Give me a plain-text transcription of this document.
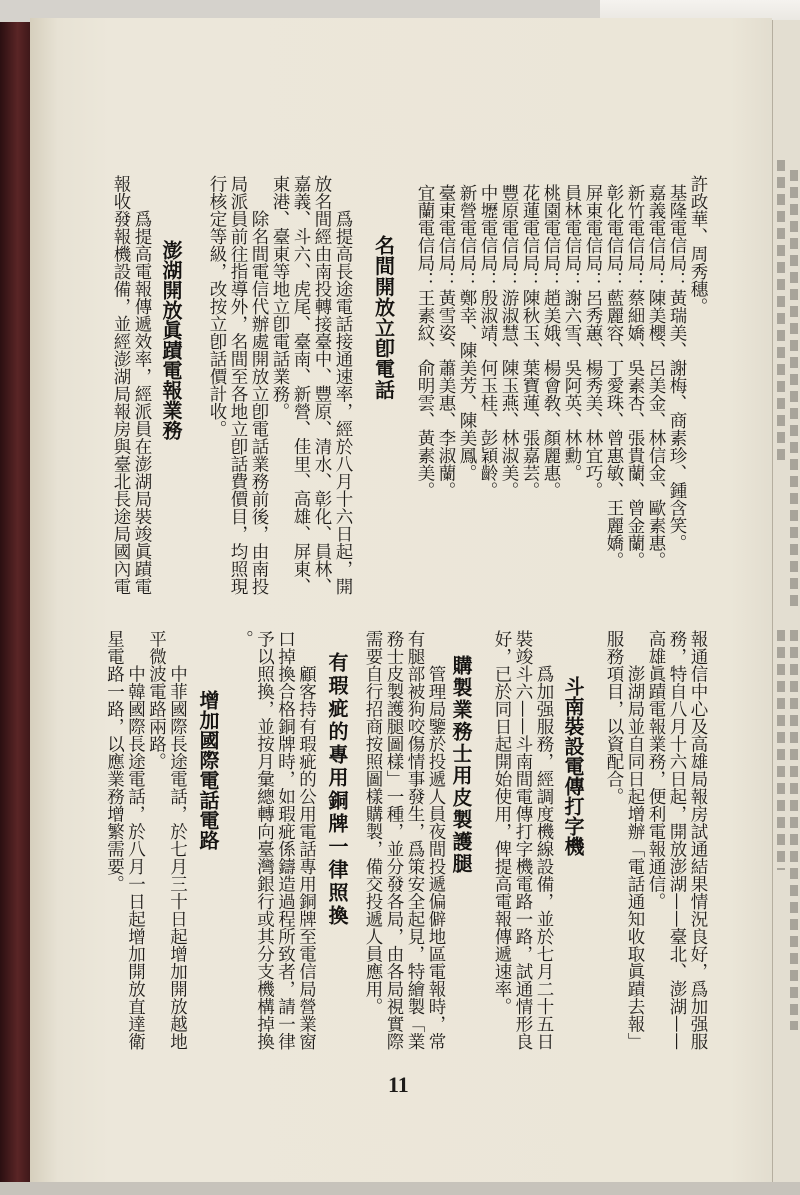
許政華、周秀穗。
基隆電信局：黃瑞美、謝梅、商素珍、鍾含笑。
嘉義電信局：陳美櫻、呂美金、林信金、歐素惠。
新竹電信局：蔡細嬌、吳素杏、張貴蘭、曾金蘭。
彰化電信局：藍麗容、丁愛珠、曾惠敏、王麗嬌。
屏東電信局：呂秀蕙、楊秀美、林宜巧。
員林電信局：謝六雪、吳阿英、林勳。
桃園電信局：趙美娥、楊會敎、顏麗惠。
花蓮電信局：陳秋玉、葉寶蓮、張嘉芸。
豐原電信局：游淑慧、陳玉燕、林淑美。
中壢電信局：殷淑靖、何玉桂、彭穎齡。
新營電信局：鄭幸、陳美芳、陳美鳳。
臺東電信局：黃雪姿、蕭美惠、李淑蘭。
宜蘭電信局：王素紋、俞明雲、黃素美。
名間開放立卽電話
爲提高長途電話接通速率，經於八月十六日起，開
放名間經由南投轉接臺中、豐原、清水、彰化、員林、
嘉義、斗六、虎尾、臺南、新營、佳里、高雄、屏東、
東港、臺東等地立卽電話業務。
除名間電信代辦處開放立卽電話業務前後，由南投
局派員前往指導外，名間至各地立卽話費價目，均照現
行核定等級，改按立卽話價計收。
澎湖開放眞蹟電報業務
爲提高電報傳遞效率，經派員在澎湖局裝竣眞蹟電
報收發報機設備，並經澎湖局報房與臺北長途局國內電
報通信中心及高雄局報房試通結果情況良好，爲加强服
務，特自八月十六日起，開放澎湖——臺北、澎湖——
高雄眞蹟電報業務，便利電報通信。
澎湖局並自同日起增辦「電話通知收取眞蹟去報」
服務項目，以資配合。
斗南裝設電傳打字機
爲加强服務，經調度機線設備，並於七月二十五日
裝竣斗六——斗南間電傳打字機電路一路，試通情形良
好，已於同日起開始使用，俾提高電報傳遞速率。
購製業務士用皮製護腿
管理局鑒於投遞人員夜間投遞偏僻地區電報時，常
有腿部被狗咬傷情事發生，爲策安全起見，特繪製「業
務士皮製護腿圖樣」一種，並分發各局，由各局視實際
需要自行招商按照圖樣購製，備交投遞人員應用。
有瑕疵的專用銅牌一律照換
顧客持有瑕疵的公用電話專用銅牌至電信局營業窗
口掉換合格銅牌時，如瑕疵係鑄造過程所致者，請一律
予以照換，並按月彙總轉向臺灣銀行或其分支機構掉換
。
增加國際電話電路
中菲國際長途電話，於七月三十日起增加開放越地
平微波電路兩路。
中韓國際長途電話，於八月一日起增加開放直達衛
星電路一路，以應業務增繁需要。
11
